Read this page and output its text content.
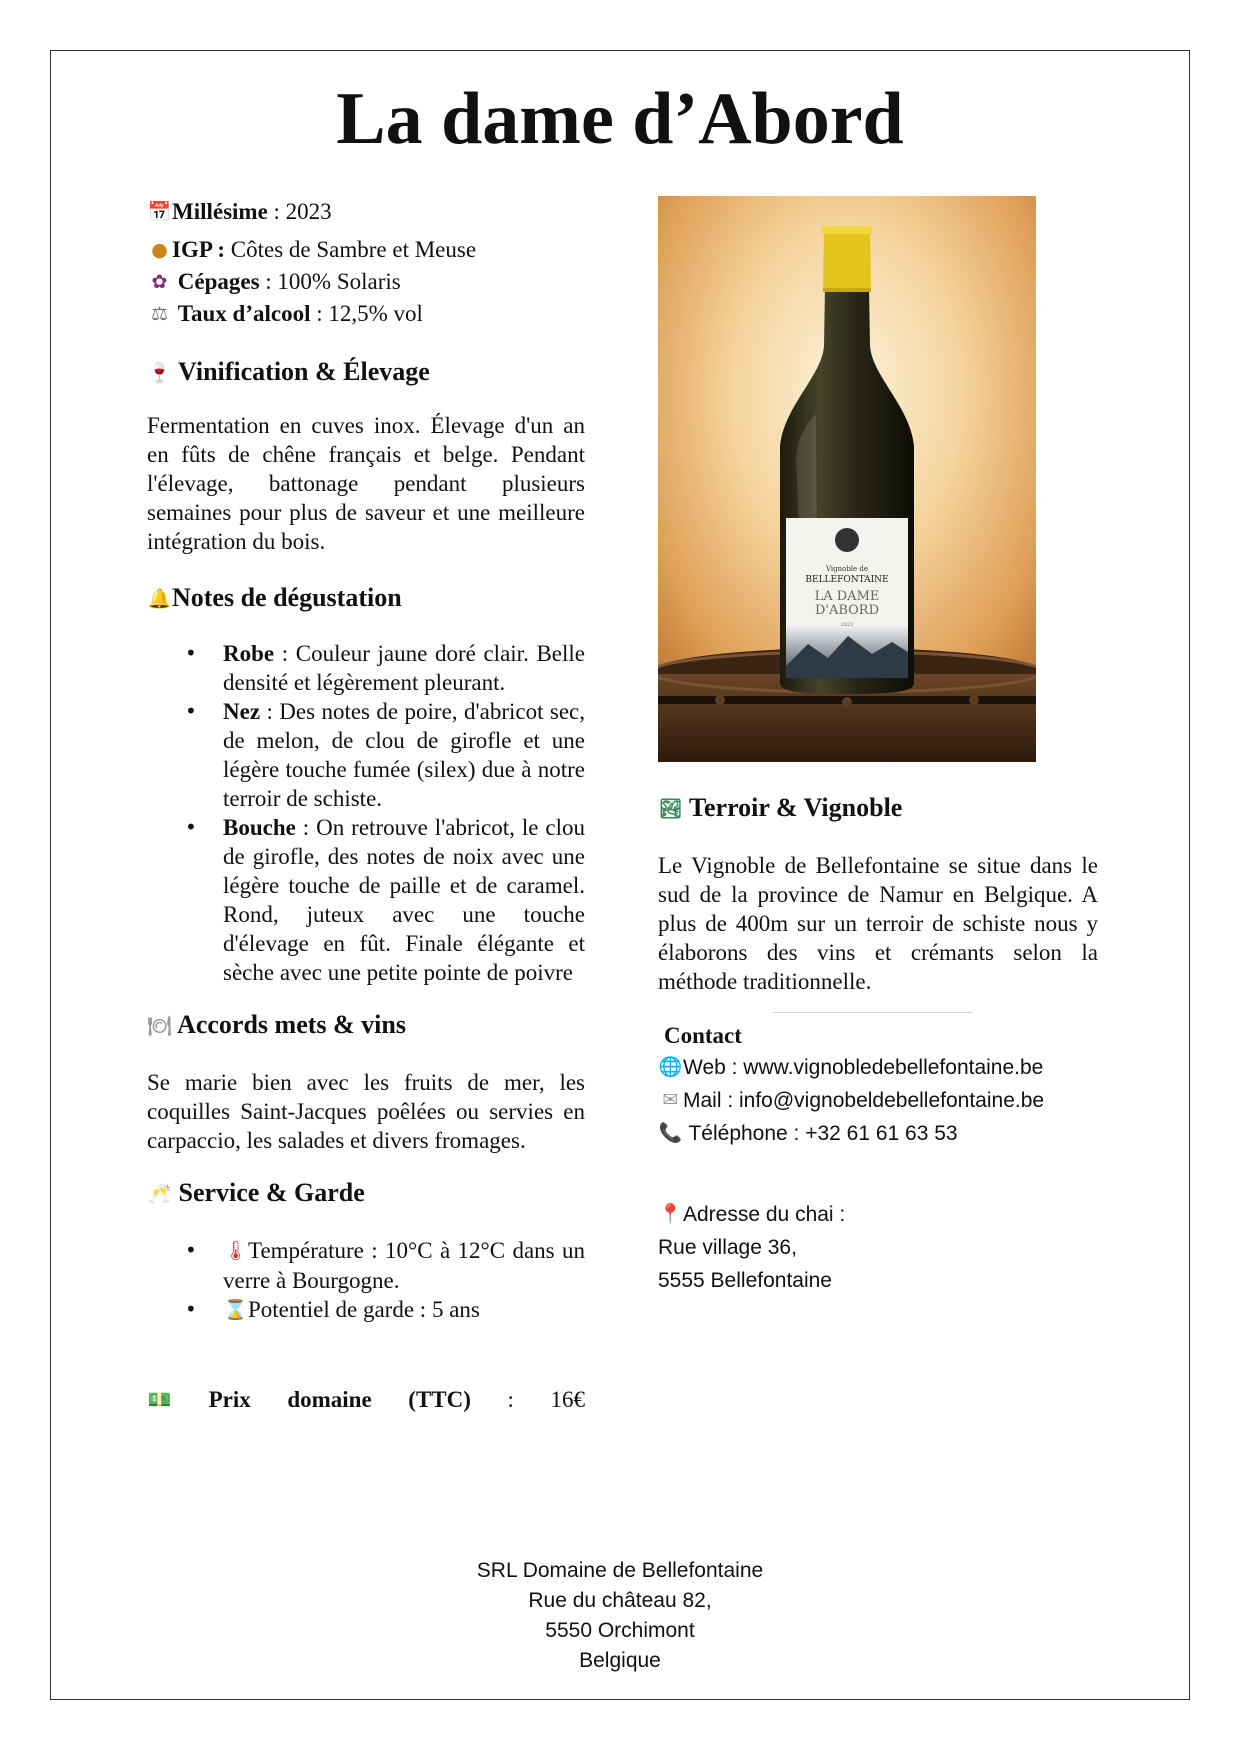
La dame d’Abord
📅Millésime : 2023
● IGP : Côtes de Sambre et Meuse
✿ Cépages : 100% Solaris
⚖ Taux d’alcool : 12,5% vol
🍷 Vinification & Élevage

Fermentation en cuves inox. Élevage d'un an en fûts de chêne français et belge. Pendant l'élevage, battonage pendant plusieurs semaines pour plus de saveur et une meilleure intégration du bois.

🔔Notes de dégustation
• Robe : Couleur jaune doré clair. Belle densité et légèrement pleurant.
• Nez : Des notes de poire, d'abricot sec, de melon, de clou de girofle et une légère touche fumée (silex) due à notre terroir de schiste.
• Bouche : On retrouve l'abricot, le clou de girofle, des notes de noix avec une légère touche de paille et de caramel. Rond, juteux avec une touche d'élevage en fût. Finale élégante et sèche avec une petite pointe de poivre
🍽 Accords mets & vins

Se marie bien avec les fruits de mer, les coquilles Saint-Jacques poêlées ou servies en carpaccio, les salades et divers fromages.

🥂 Service & Garde
• 🌡Température : 10°C à 12°C dans un verre à Bourgogne.
• ⌛Potentiel de garde : 5 ans
💵 Prix domaine (TTC) : 16€
Vignoble de
BELLEFONTAINE
LA DAME
D'ABORD
2023
🏞 Terroir & Vignoble

Le Vignoble de Bellefontaine se situe dans le sud de la province de Namur en Belgique. A plus de 400m sur un terroir de schiste nous y élaborons des vins et crémants selon la méthode traditionnelle.

Contact
🌐Web : www.vignobledebellefontaine.be
✉ Mail : info@vignobeldebellefontaine.be
📞 Téléphone : +32 61 61 63 53
📍Adresse du chai :
Rue village 36,
5555 Bellefontaine
SRL Domaine de Bellefontaine
Rue du château 82,
5550 Orchimont
Belgique
